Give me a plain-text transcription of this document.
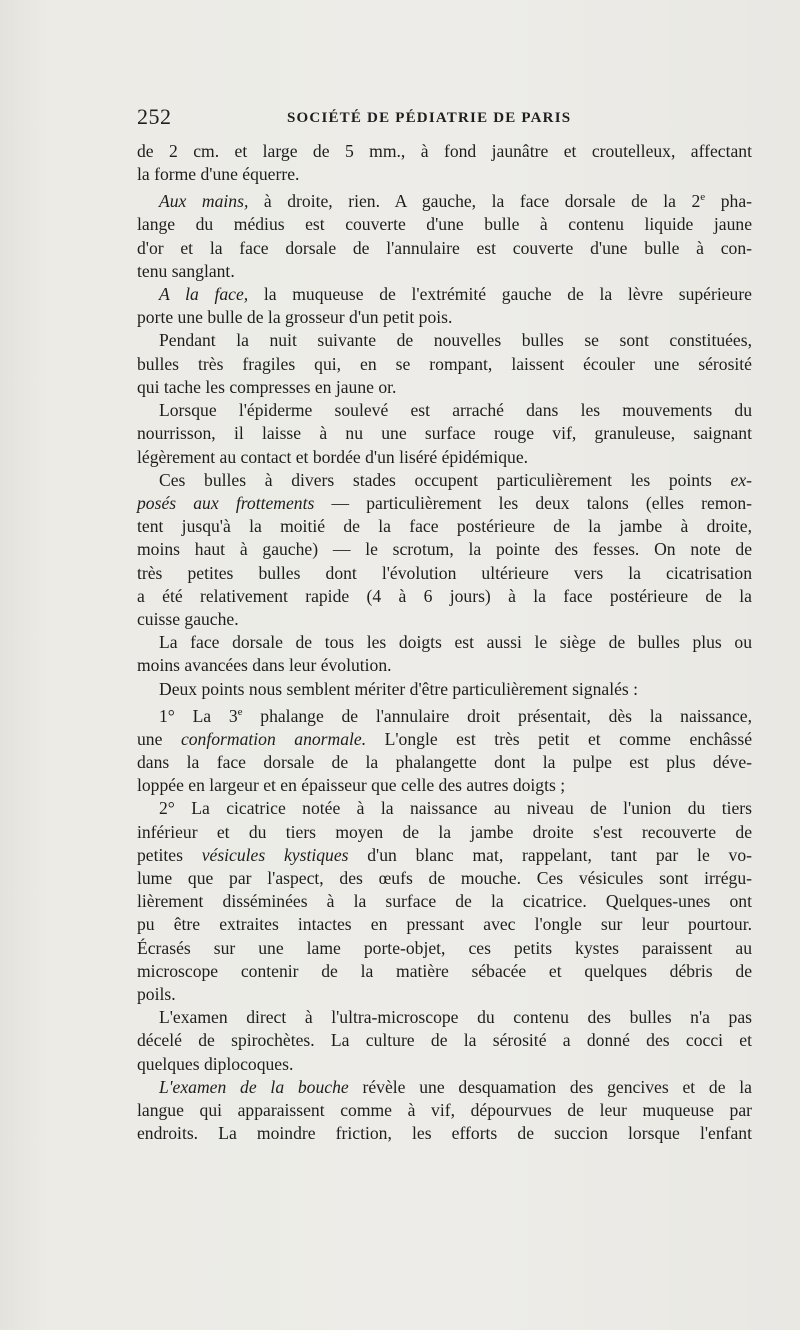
252	SOCIÉTÉ DE PÉDIATRIE DE PARIS
de 2 cm. et large de 5 mm., à fond jaunâtre et croutelleux, affectant
la forme d'une équerre.
Aux mains, à droite, rien. A gauche, la face dorsale de la 2e pha-
lange du médius est couverte d'une bulle à contenu liquide jaune
d'or et la face dorsale de l'annulaire est couverte d'une bulle à con-
tenu sanglant.
A la face, la muqueuse de l'extrémité gauche de la lèvre supérieure
porte une bulle de la grosseur d'un petit pois.
Pendant la nuit suivante de nouvelles bulles se sont constituées,
bulles très fragiles qui, en se rompant, laissent écouler une sérosité
qui tache les compresses en jaune or.
Lorsque l'épiderme soulevé est arraché dans les mouvements du
nourrisson, il laisse à nu une surface rouge vif, granuleuse, saignant
légèrement au contact et bordée d'un liséré épidémique.
Ces bulles à divers stades occupent particulièrement les points ex-
posés aux frottements — particulièrement les deux talons (elles remon-
tent jusqu'à la moitié de la face postérieure de la jambe à droite,
moins haut à gauche) — le scrotum, la pointe des fesses. On note de
très petites bulles dont l'évolution ultérieure vers la cicatrisation
a été relativement rapide (4 à 6 jours) à la face postérieure de la
cuisse gauche.
La face dorsale de tous les doigts est aussi le siège de bulles plus ou
moins avancées dans leur évolution.
Deux points nous semblent mériter d'être particulièrement signalés :
1° La 3e phalange de l'annulaire droit présentait, dès la naissance,
une conformation anormale. L'ongle est très petit et comme enchâssé
dans la face dorsale de la phalangette dont la pulpe est plus déve-
loppée en largeur et en épaisseur que celle des autres doigts ;
2° La cicatrice notée à la naissance au niveau de l'union du tiers
inférieur et du tiers moyen de la jambe droite s'est recouverte de
petites vésicules kystiques d'un blanc mat, rappelant, tant par le vo-
lume que par l'aspect, des œufs de mouche. Ces vésicules sont irrégu-
lièrement disséminées à la surface de la cicatrice. Quelques-unes ont
pu être extraites intactes en pressant avec l'ongle sur leur pourtour.
Écrasés sur une lame porte-objet, ces petits kystes paraissent au
microscope contenir de la matière sébacée et quelques débris de
poils.
L'examen direct à l'ultra-microscope du contenu des bulles n'a pas
décelé de spirochètes. La culture de la sérosité a donné des cocci et
quelques diplocoques.
L'examen de la bouche révèle une desquamation des gencives et de la
langue qui apparaissent comme à vif, dépourvues de leur muqueuse par
endroits. La moindre friction, les efforts de succion lorsque l'enfant
